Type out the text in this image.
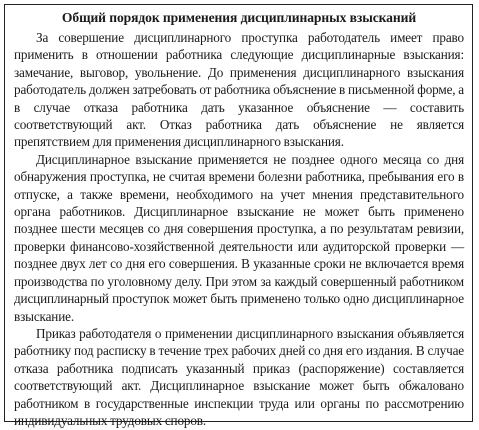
Общий порядок применения дисциплинарных взысканий

За совершение дисциплинарного проступка работодатель имеет право применить в отношении работника следующие дисциплинарные взыскания: замечание, выговор, увольнение. До применения дисциплинарного взыскания работодатель должен затребовать от работника объяснение в письменной форме, а в случае отказа работника дать указанное объяснение — составить соответствующий акт. Отказ работника дать объяснение не является препятствием для применения дисциплинарного взыскания.

Дисциплинарное взыскание применяется не позднее одного месяца со дня обнаружения проступка, не считая времени болезни работника, пребывания его в отпуске, а также времени, необходимого на учет мнения представительного органа работников. Дисциплинарное взыскание не может быть применено позднее шести месяцев со дня совершения проступка, а по результатам ревизии, проверки финансово-хозяйственной деятельности или аудиторской проверки — позднее двух лет со дня его совершения. В указанные сроки не включается время производства по уголовному делу. При этом за каждый совершенный работником дисциплинарный проступок может быть применено только одно дисциплинарное взыскание.

Приказ работодателя о применении дисциплинарного взыскания объявляется работнику под расписку в течение трех рабочих дней со дня его издания. В случае отказа работника подписать указанный приказ (распоряжение) составляется соответствующий акт. Дисциплинарное взыскание может быть обжаловано работником в государственные инспекции труда или органы по рассмотрению индивидуальных трудовых споров.
